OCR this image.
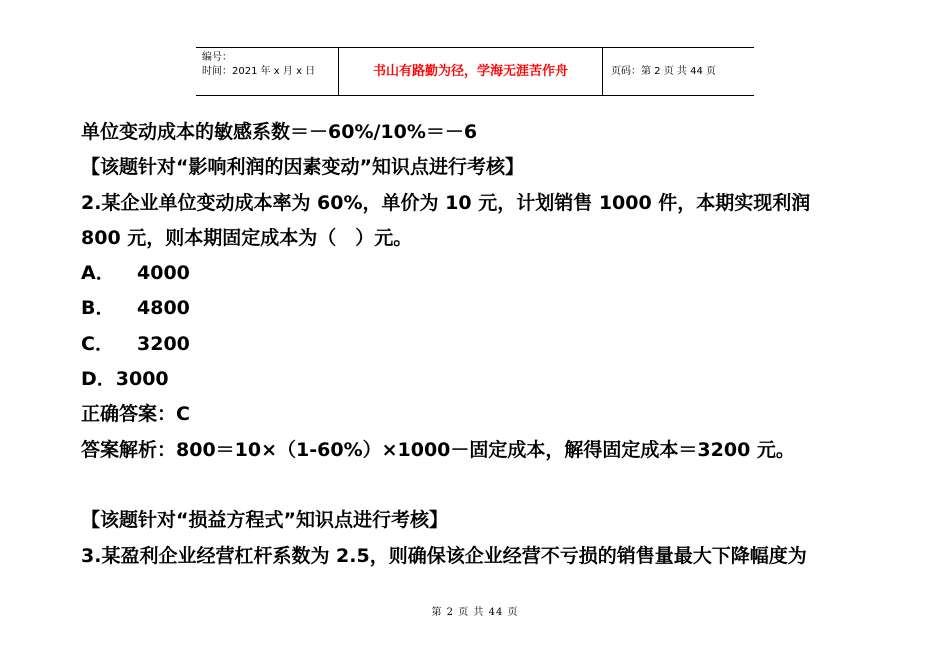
编号：
时间：2021 年 x 月 x 日	书山有路勤为径，学海无涯苦作舟	页码：第 2 页 共 44 页
单位变动成本的敏感系数＝－60%/10%＝－6
【该题针对“影响利润的因素变动”知识点进行考核】
2.某企业单位变动成本率为 60%，单价为 10 元，计划销售 1000 件，本期实现利润
800 元，则本期固定成本为（　）元。
A． 4000
B． 4800
C． 3200
D．3000
正确答案：C
答案解析：800＝10×（1-60%）×1000－固定成本，解得固定成本＝3200 元。
【该题针对“损益方程式”知识点进行考核】
3.某盈利企业经营杠杆系数为 2.5，则确保该企业经营不亏损的销售量最大下降幅度为
第 2 页 共 44 页
